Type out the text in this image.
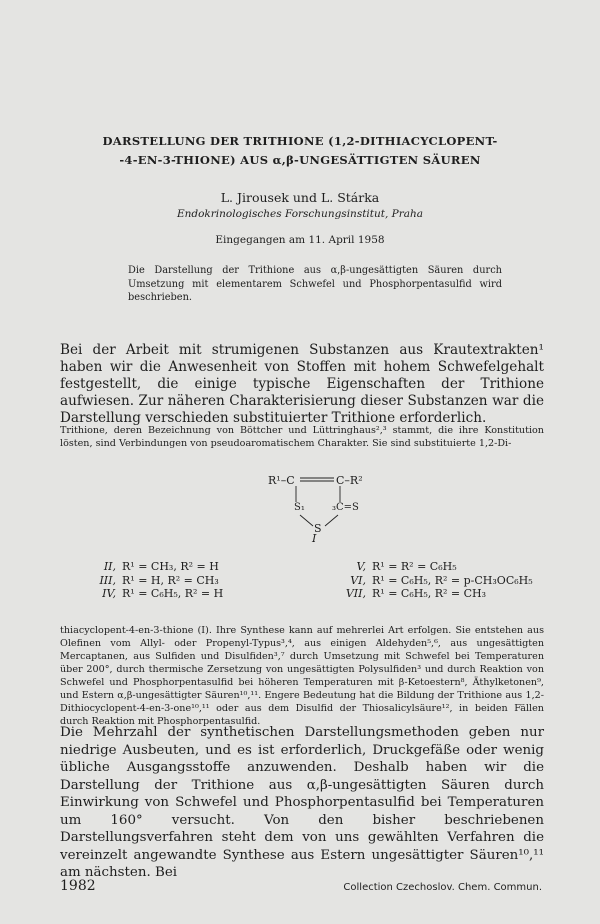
DARSTELLUNG DER TRITHIONE (1,2-DITHIACYCLOPENT-
-4-EN-3-THIONE) AUS α,β-UNGESÄTTIGTEN SÄUREN
L. Jirousek und L. Stárka
Endokrinologisches Forschungsinstitut, Praha
Eingegangen am 11. April 1958
Die Darstellung der Trithione aus α,β-ungesättigten Säuren durch Umsetzung mit elementarem Schwefel und Phosphorpentasulfid wird beschrieben.
Bei der Arbeit mit strumigenen Substanzen aus Krautextrakten¹ haben wir die Anwesenheit von Stoffen mit hohem Schwefelgehalt festgestellt, die einige typische Eigenschaften der Trithione aufwiesen. Zur näheren Charakterisierung dieser Substanzen war die Darstellung verschieden substituierter Trithione erforderlich.
Trithione, deren Bezeichnung von Böttcher und Lüttringhaus²,³ stammt, die ihre Konstitution lösten, sind Verbindungen von pseudoaromatischem Charakter. Sie sind substituierte 1,2-Di-
R¹–C	C–R²
S₁	₃C=S
S
I
II, R¹ = CH₃, R² = H
III, R¹ = H, R² = CH₃
IV, R¹ = C₆H₅, R² = H
V, R¹ = R² = C₆H₅
VI, R¹ = C₆H₅, R² = p-CH₃OC₆H₅
VII, R¹ = C₆H₅, R² = CH₃
thiacyclopent-4-en-3-thione (I). Ihre Synthese kann auf mehrerlei Art erfolgen. Sie entstehen aus Olefinen vom Allyl- oder Propenyl-Typus³,⁴, aus einigen Aldehyden⁵,⁶, aus ungesättigten Mercaptanen, aus Sulfiden und Disulfiden³,⁷ durch Umsetzung mit Schwefel bei Temperaturen über 200°, durch thermische Zersetzung von ungesättigten Polysulfiden³ und durch Reaktion von Schwefel und Phosphorpentasulfid bei höheren Temperaturen mit β-Ketoestern⁸, Äthylketonen⁹, und Estern α,β-ungesättigter Säuren¹⁰,¹¹. Engere Bedeutung hat die Bildung der Trithione aus 1,2-Dithiocyclopent-4-en-3-one¹⁰,¹¹ oder aus dem Disulfid der Thiosalicylsäure¹², in beiden Fällen durch Reaktion mit Phosphorpentasulfid.
Die Mehrzahl der synthetischen Darstellungsmethoden geben nur niedrige Ausbeuten, und es ist erforderlich, Druckgefäße oder wenig übliche Ausgangsstoffe anzuwenden. Deshalb haben wir die Darstellung der Trithione aus α,β-ungesättigten Säuren durch Einwirkung von Schwefel und Phosphorpentasulfid bei Temperaturen um 160° versucht. Von den bisher beschriebenen Darstellungsverfahren steht dem von uns gewählten Verfahren die vereinzelt angewandte Synthese aus Estern ungesättigter Säuren¹⁰,¹¹ am nächsten. Bei
1982	Collection Czechoslov. Chem. Commun.
